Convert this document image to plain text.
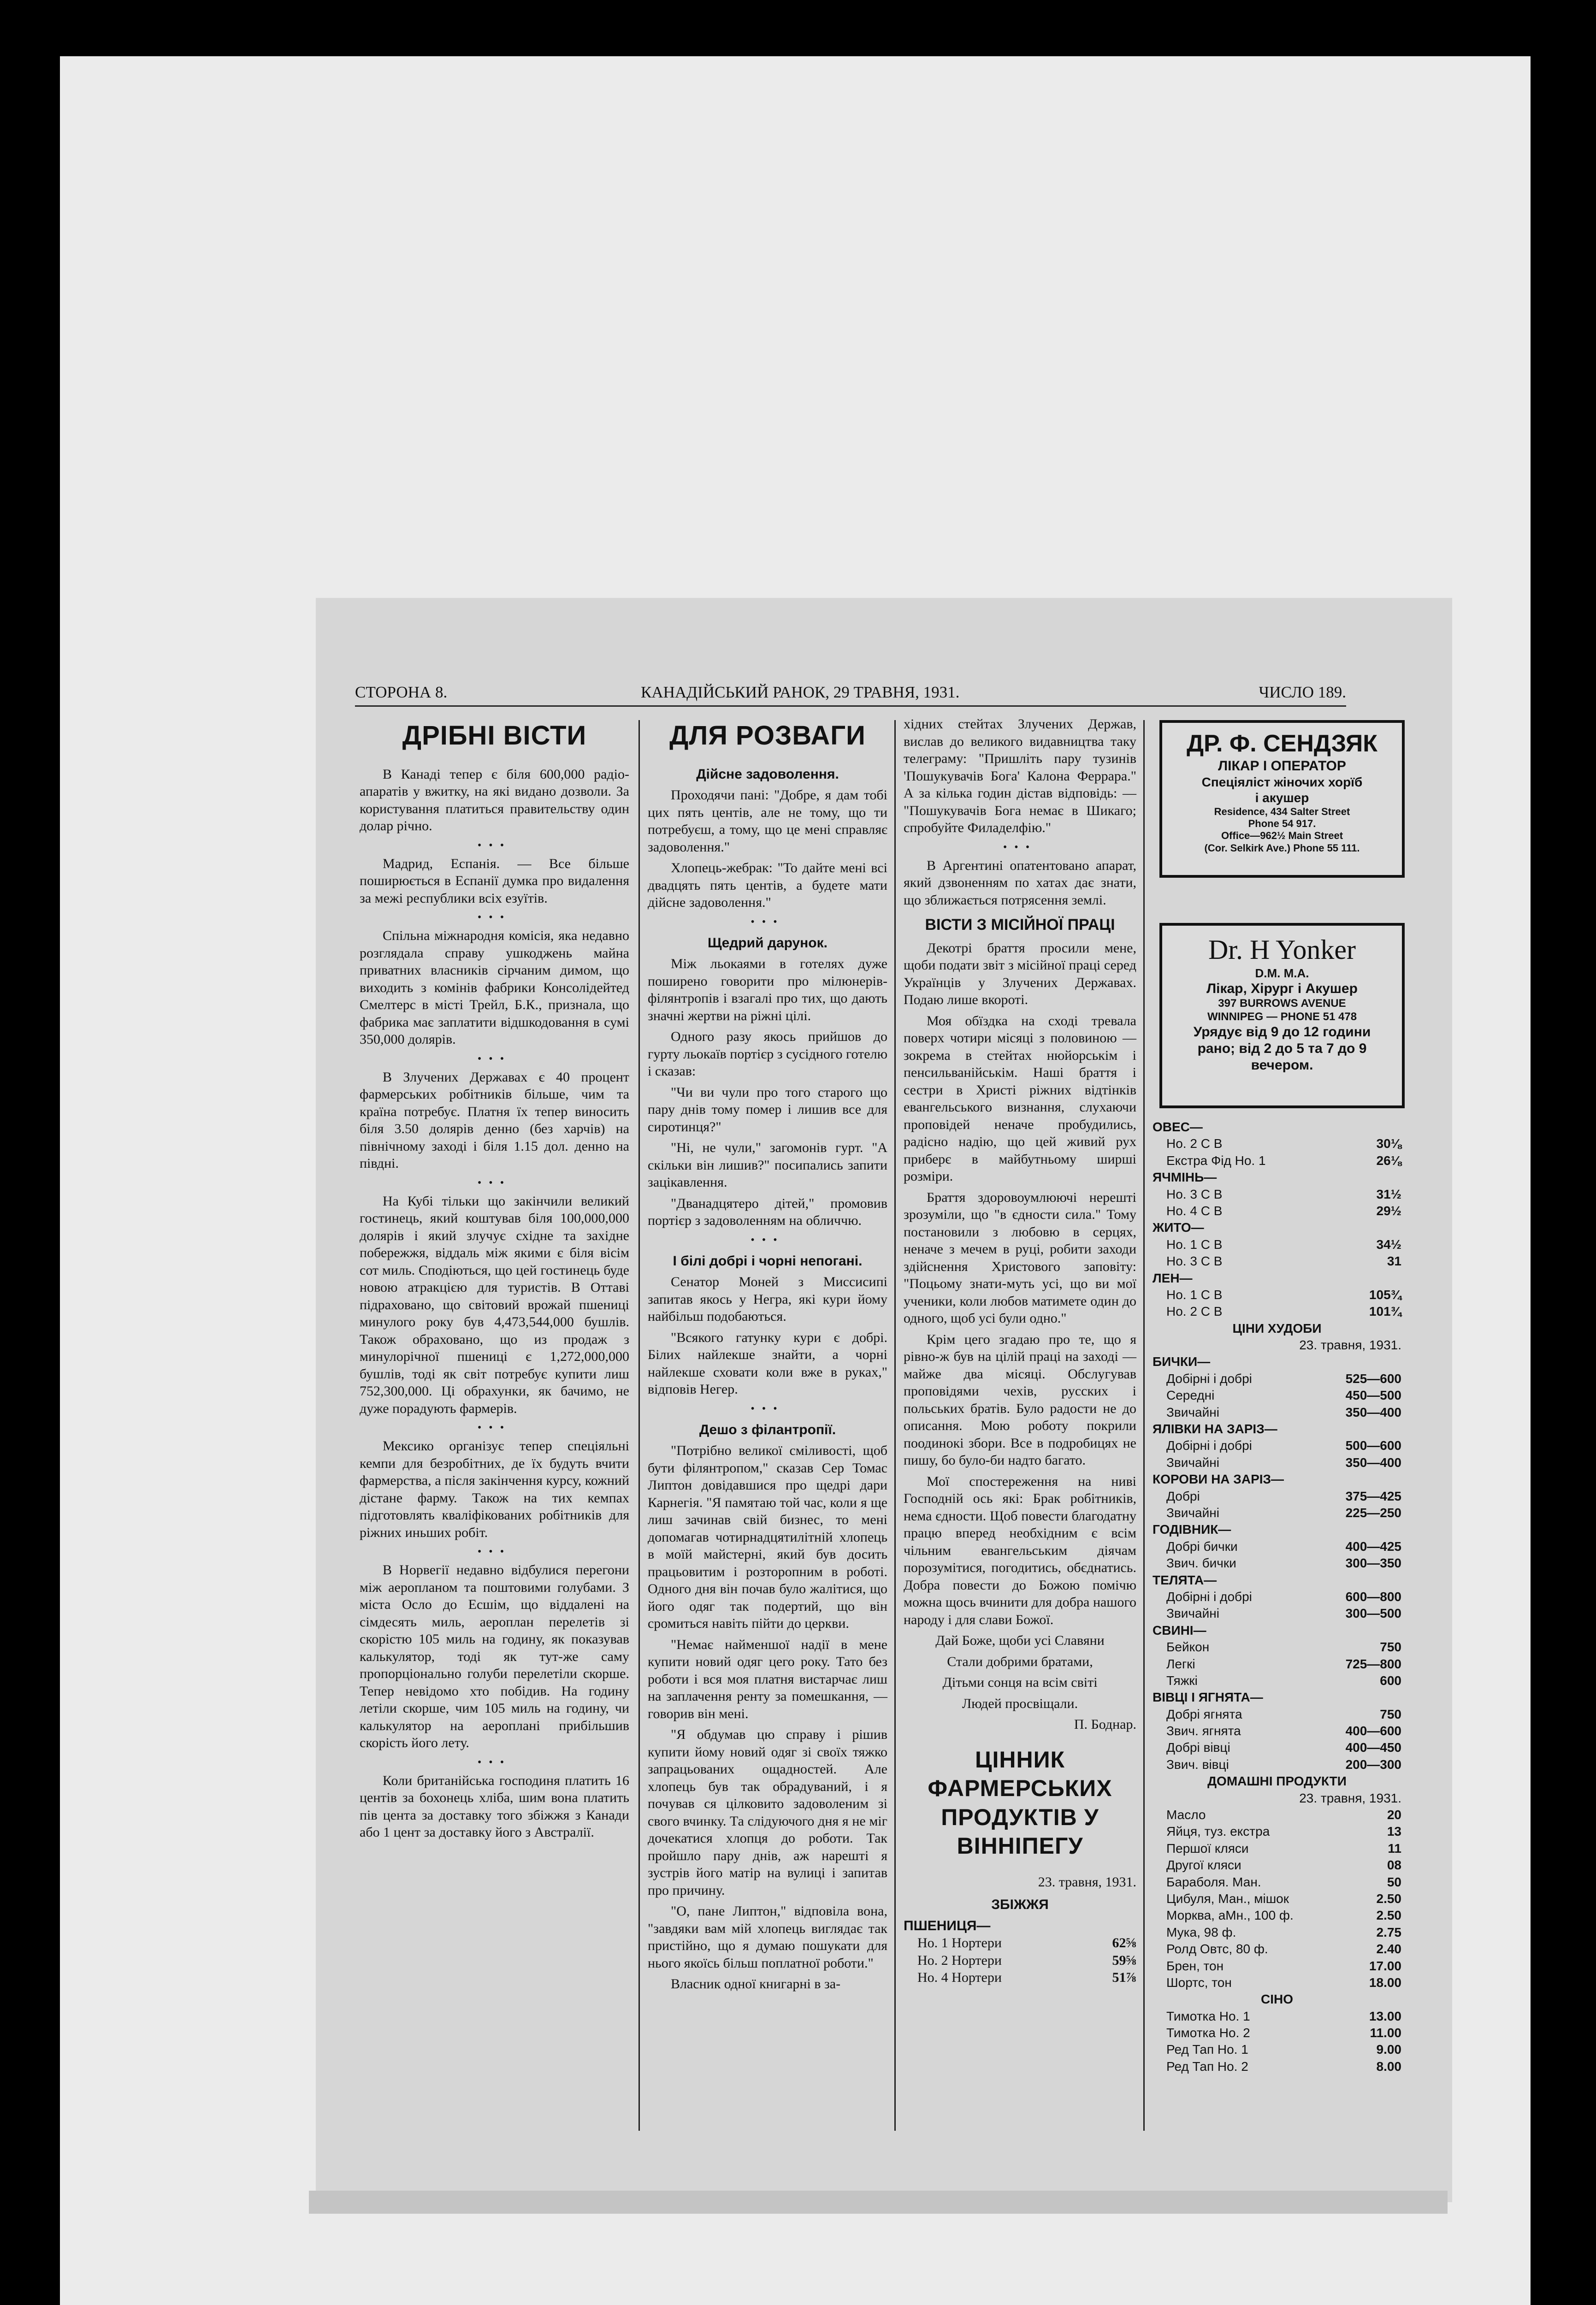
СТОРОНА 8.	КАНАДІЙСЬКИЙ РАНОК, 29 ТРАВНЯ, 1931.	ЧИСЛО 189.
ДРІБНІ ВІСТИ

В Канаді тепер є біля 600,000 радіо-апаратів у вжитку, на які видано дозволи. За користування платиться правительству один долар річно.

•••

Мадрид, Еспанія. — Все більше поширюється в Еспанії думка про видалення за межі республики всіх езуїтів.

•••

Спільна міжнародня комісія, яка недавно розглядала справу ушкоджень майна приватних власників сірчаним димом, що виходить з комінів фабрики Консолідейтед Смелтерс в місті Трейл, Б.К., признала, що фабрика має заплатити відшкодовання в сумі 350,000 долярів.

•••

В Злучених Державах є 40 процент фармерських робітників більше, чим та країна потребує. Платня їх тепер виносить біля 3.50 долярів денно (без харчів) на північному заході і біля 1.15 дол. денно на півдні.

•••

На Кубі тільки що закінчили великий гостинець, який коштував біля 100,000,000 долярів і який злучує східне та західне побережжя, віддаль між якими є біля вісім сот миль. Сподіються, що цей гостинець буде новою атракцією для туристів. В Оттаві підраховано, що світовий врожай пшениці минулого року був 4,473,544,000 бушлів. Також обраховано, що из продаж з минулорічної пшениці є 1,272,000,000 бушлів, тоді як світ потребує купити лиш 752,300,000. Ці обрахунки, як бачимо, не дуже порадують фармерів.

•••

Мексико організує тепер спеціяльні кемпи для безробітних, де їх будуть вчити фармерства, а після закінчення курсу, кожний дістане фарму. Також на тих кемпах підготовлять кваліфікованих робітників для ріжних иньших робіт.

•••

В Норвегії недавно відбулися перегони між аеропланом та поштовими голубами. З міста Осло до Есшім, що віддалені на сімдесять миль, аероплан перелетів зі скорістю 105 миль на годину, як показував калькулятор, тоді як тут-же саму пропорціонально голуби перелетіли скорше. Тепер невідомо хто побідив. На годину летіли скорше, чим 105 миль на годину, чи калькулятор на аероплані прибільшив скорість його лету.

•••

Коли британійська господиня платить 16 центів за бохонець хліба, шим вона платить пів цента за доставку того збіжжя з Канади або 1 цент за доставку його з Австралії.

ДЛЯ РОЗВАГИ
Дійсне задоволення.

Проходячи пані: "Добре, я дам тобі цих пять центів, але не тому, що ти потребуєш, а тому, що це мені справляє задоволення."

Хлопець-жебрак: "То дайте мені всі двадцять пять центів, а будете мати дійсне задоволення."

•••
Щедрий дарунок.

Між льокаями в готелях дуже поширено говорити про мілюнерів-філянтропів і взагалі про тих, що дають значні жертви на ріжні цілі.

Одного разу якось прийшов до гурту льокаїв портієр з сусідного готелю і сказав:

"Чи ви чули про того старого що пару днів тому помер і лишив все для сиротинця?"

"Ні, не чули," загомонів гурт. "А скільки він лишив?" посипались запити зацікавлення.

"Дванадцятеро дітей," промовив портієр з задоволенням на обличчю.

•••
І білі добрі і чорні непогані.

Сенатор Моней з Миссисипі запитав якось у Негра, які кури йому найбільш подобаються.

"Всякого гатунку кури є добрі. Білих найлекше знайти, а чорні найлекше сховати коли вже в руках," відповів Негер.

•••
Дешо з філантропії.

"Потрібно великої сміливості, щоб бути філянтропом," сказав Сер Томас Липтон довідавшися про щедрі дари Карнегія. "Я памятаю той час, коли я ще лиш зачинав свій бизнес, то мені допомагав чотирнадцятилітній хлопець в моїй майстерні, який був досить працьовитим і розторопним в роботі. Одного дня він почав було жалітися, що його одяг так подертий, що він сромиться навіть пійти до церкви.

"Немає найменшої надії в мене купити новий одяг цего року. Тато без роботи і вся моя платня вистарчає лиш на заплачення ренту за помешкання, — говорив він мені.

"Я обдумав цю справу і рішив купити йому новий одяг зі своїх тяжко запрацьованих ощадностей. Але хлопець був так обрадуваний, і я почував ся цілковито задоволеним зі свого вчинку. Та слідуючого дня я не міг дочекатися хлопця до роботи. Так пройшло пару днів, аж нарешті я зустрів його матір на вулиці і запитав про причину.

"О, пане Липтон," відповіла вона, "завдяки вам мій хлопець виглядає так пристійно, що я думаю пошукати для нього якоїсь більш поплатної роботи."

Власник одної книгарні в за-

хідних стейтах Злучених Держав, вислав до великого видавництва таку телеграму: "Пришліть пару тузинів 'Пошукувачів Бога' Калона Феррара." А за кілька годин дістав відповідь: — "Пошукувачів Бога немає в Шикаго; спробуйте Филаделфію."

•••

В Аргентині опатентовано апарат, який дзвоненням по хатах дає знати, що зближається потрясення землі.

ВІСТИ З МІСІЙНОЇ ПРАЦІ

Декотрі браття просили мене, щоби подати звіт з місійної праці серед Українців у Злучених Державах. Подаю лише вкороті.

Моя обїздка на сході тревала поверх чотири місяці з половиною — зокрема в стейтах нюйорськім і пенсильванійськім. Наші браття і сестри в Христі ріжних відтінків евангельського визнання, слухаючи проповідей неначе пробудились, радісно надію, що цей живий рух приберє в майбутньому ширші розміри.

Браття здоровоумлюючі нерешті зрозуміли, що "в єдности сила." Тому постановили з любовю в серцях, неначе з мечем в руці, робити заходи здійснення Христового заповіту: "Поцьому знати-муть усі, що ви мої ученики, коли любов матимете один до одного, щоб усі були одно."

Крім цего згадаю про те, що я рівно-ж був на цілій праці на заході — майже два місяці. Обслугував проповідями чехів, русских і польських братів. Було радости не до описання. Мою роботу покрили поодинокі збори. Все в подробицях не пишу, бо було-би надто багато.

Мої спостереження на ниві Господній ось які: Брак робітників, нема єдности. Щоб повести благодатну працю вперед необхідним є всім чільним евангельським діячам порозумітися, погодитись, обєднатись. Добра повести до Божою помічю можна щось вчинити для добра нашого народу і для слави Божої.

Дай Боже, щоби усі Славяни

Стали добрими братами,

Дітьми сонця на всім світі

Людей просвіщали.

П. Боднар.

ЦІННИК ФАРМЕРСЬКИХ ПРОДУКТІВ У ВІННІПЕГУ

23. травня, 1931.

ЗБІЖЖЯ
ПШЕНИЦЯ—
Но. 1 Нортери	62⅝
Но. 2 Нортери	59⅝
Но. 4 Нортери	51⅞
ДР. Ф. СЕНДЗЯК
ЛІКАР І ОПЕРАТОР
Спеціяліст жіночих хорїб
і акушер
Residence, 434 Salter Street
Phone 54 917.
Office—962½ Main Street
(Cor. Selkirk Ave.) Phone 55 111.
Dr. H Yonker
D.M. M.A.
Лікар, Хірург і Акушер
397 BURROWS AVENUE
WINNIPEG — PHONE 51 478
Урядує від 9 до 12 години
рано; від 2 до 5 та 7 до 9
вечером.
ОВЕС—
Но. 2 С В	30⅛
Екстра Фід Но. 1	26⅛
ЯЧМІНЬ—
Но. 3 С В	31½
Но. 4 С В	29½
ЖИТО—
Но. 1 С В	34½
Но. 3 С В	31
ЛЕН—
Но. 1 С В	105¾
Но. 2 С В	101¾
ЦІНИ ХУДОБИ
23. травня, 1931.
БИЧКИ—
Добірні і добрі	525—600
Середні	450—500
Звичайні	350—400
ЯЛІВКИ НА ЗАРІЗ—
Добірні і добрі	500—600
Звичайні	350—400
КОРОВИ НА ЗАРІЗ—
Добрі	375—425
Звичайні	225—250
ГОДІВНИК—
Добрі бички	400—425
Звич. бички	300—350
ТЕЛЯТА—
Добірні і добрі	600—800
Звичайні	300—500
СВИНІ—
Бейкон	750
Легкі	725—800
Тяжкі	600
ВІВЦІ І ЯГНЯТА—
Добрі ягнята	750
Звич. ягнята	400—600
Добрі вівці	400—450
Звич. вівці	200—300
ДОМАШНІ ПРОДУКТИ
23. травня, 1931.
Масло	20
Яйця, туз. екстра	13
Першої кляси	11
Другої кляси	08
Бараболя. Ман.	50
Цибуля, Ман., мішок	2.50
Морква, аМн., 100 ф.	2.50
Мука, 98 ф.	2.75
Ролд Овтс, 80 ф.	2.40
Брен, тон	17.00
Шортс, тон	18.00
СІНО
Тимотка Но. 1	13.00
Тимотка Но. 2	11.00
Ред Тап Но. 1	9.00
Ред Тап Но. 2	8.00
